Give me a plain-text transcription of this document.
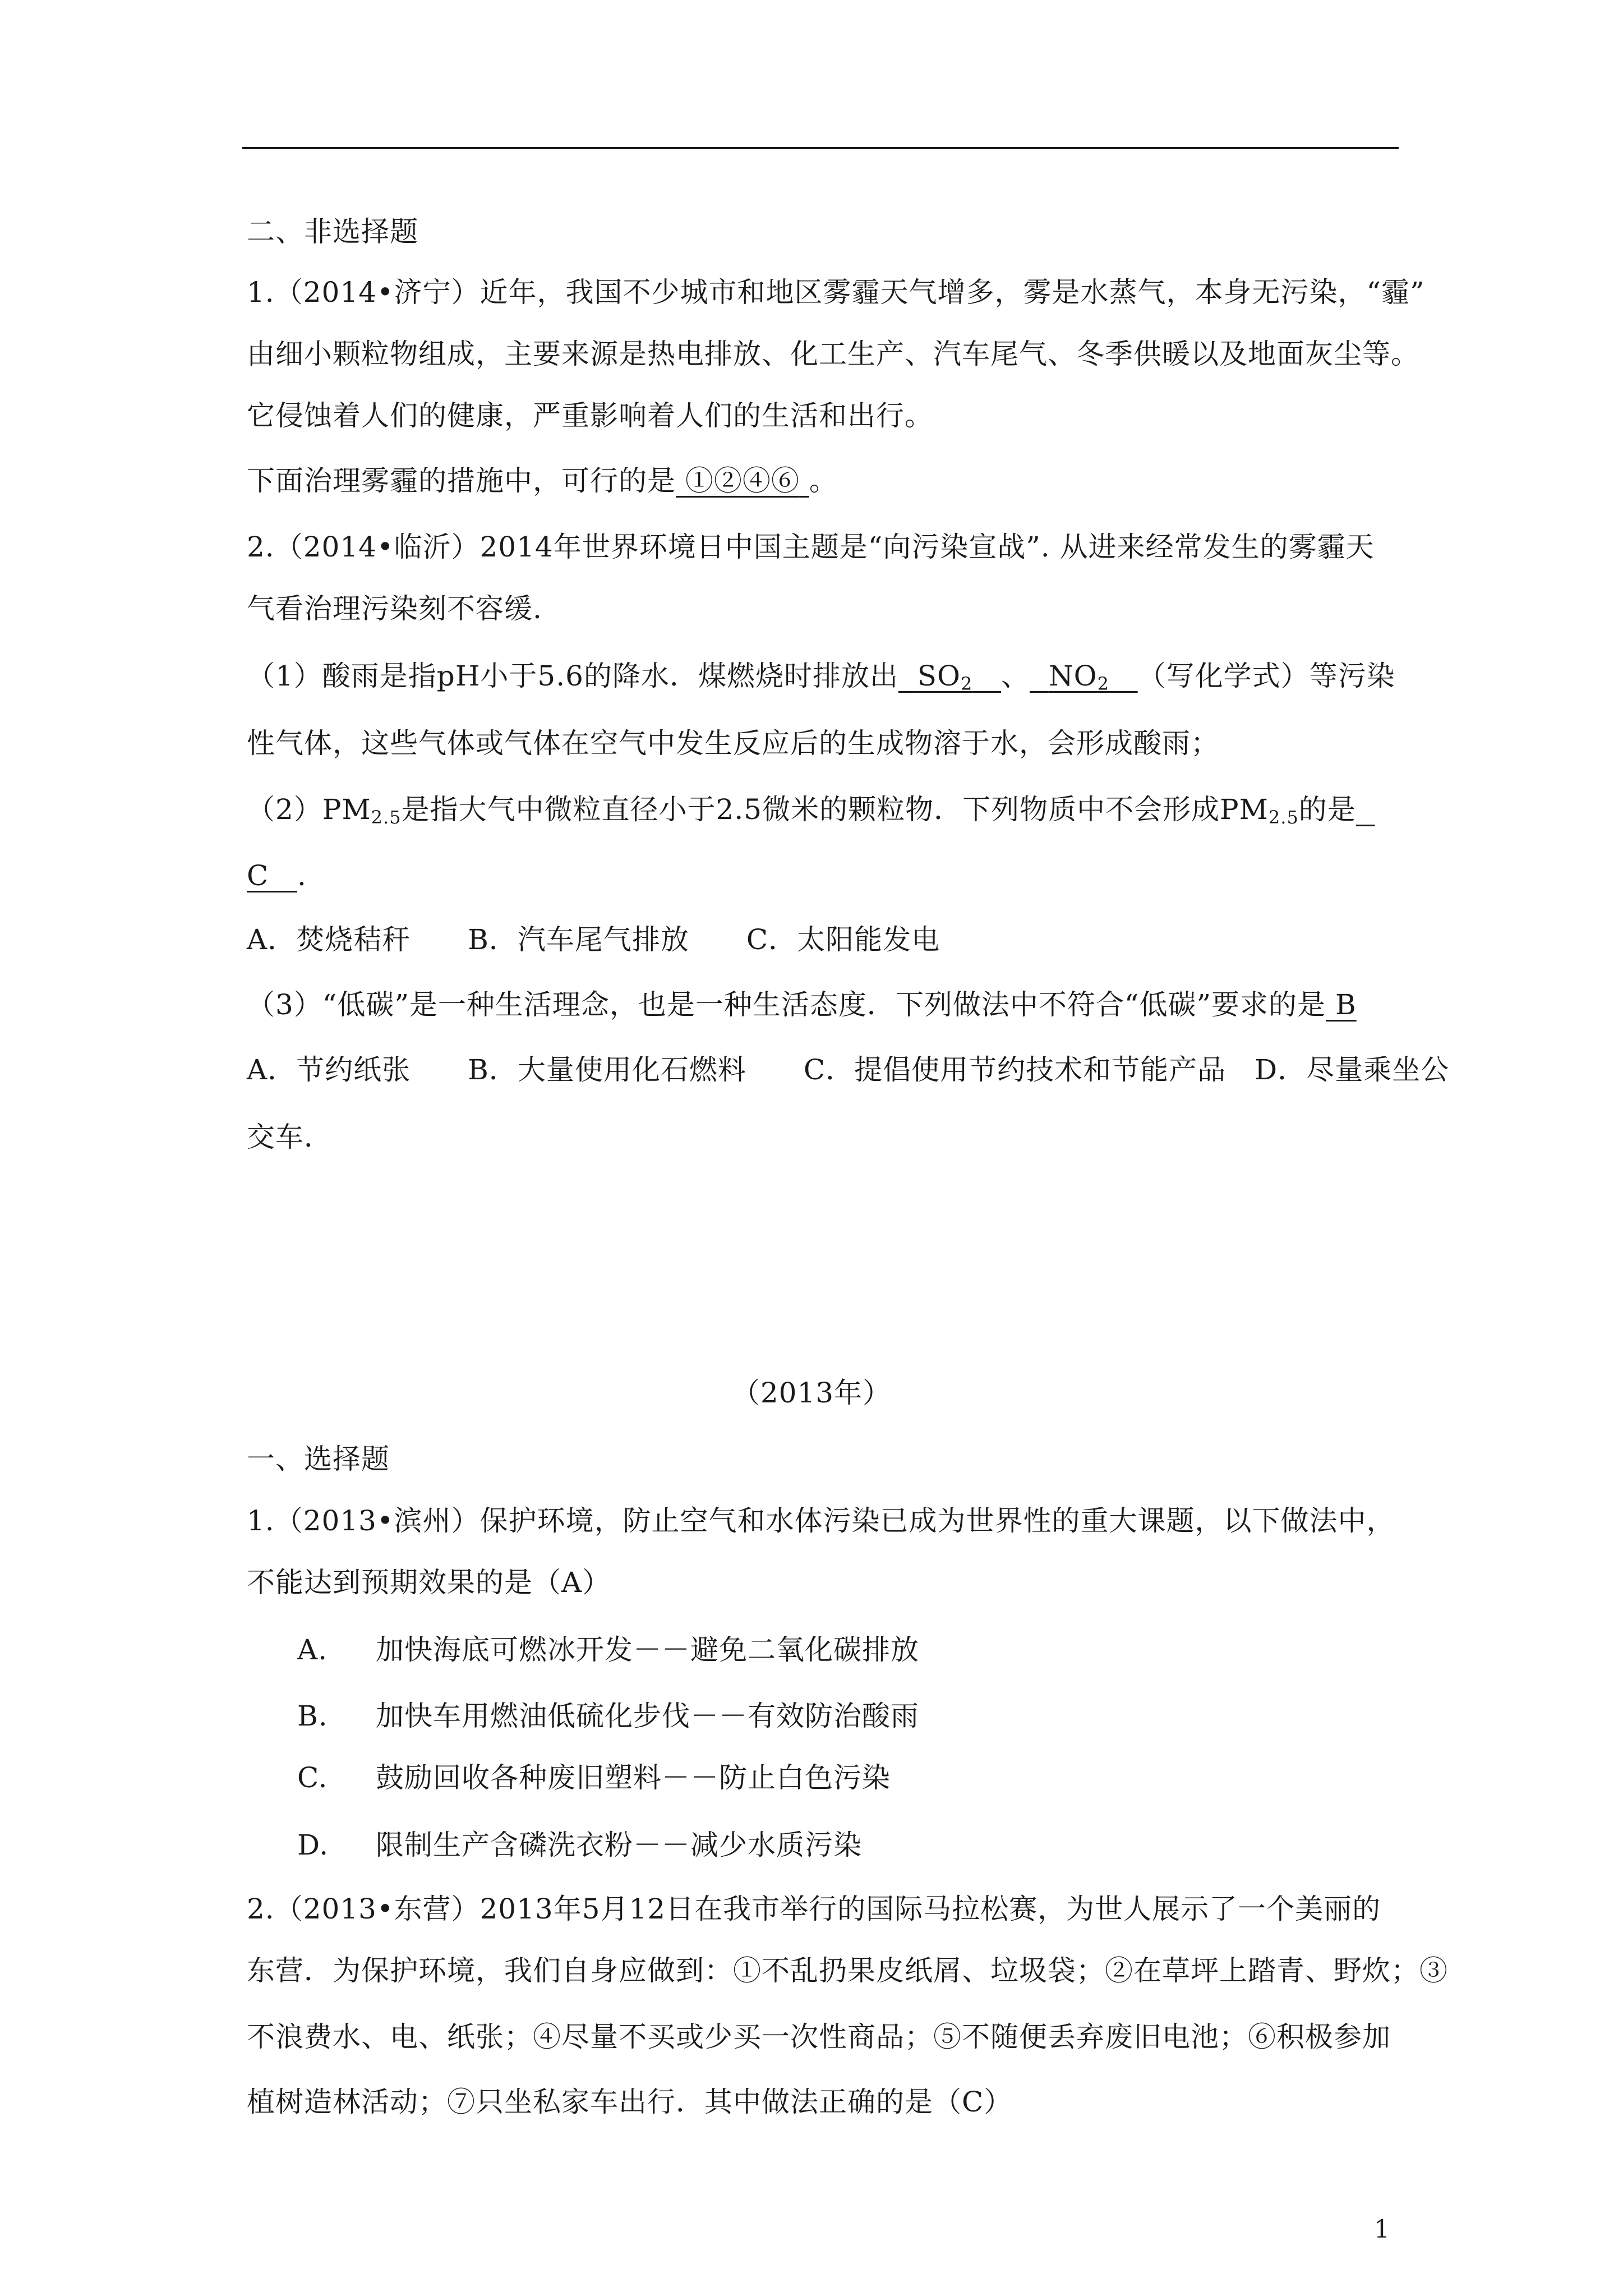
二、非选择题
1.（2014•济宁）近年，我国不少城市和地区雾霾天气增多，雾是水蒸气，本身无污染，“霾”
由细小颗粒物组成，主要来源是热电排放、化工生产、汽车尾气、冬季供暖以及地面灰尘等。
它侵蚀着人们的健康，严重影响着人们的生活和出行。
下面治理雾霾的措施中，可行的是 ①②④⑥ 。
2.（2014•临沂）2014年世界环境日中国主题是“向污染宣战”. 从进来经常发生的雾霾天
气看治理污染刻不容缓.
（1）酸雨是指pH小于5.6的降水．煤燃烧时排放出 $SO_2$ 、 $NO_2$ （写化学式）等污染
性气体，这些气体或气体在空气中发生反应后的生成物溶于水，会形成酸雨；
$(2)PM_{2.5}$是指大气中微粒直径小于2.5微米的颗粒物．下列物质中不会形成$PM_{2.5}$的是
C .
A．焚烧秸秆　　B．汽车尾气排放　　C．太阳能发电
（3）“低碳”是一种生活理念，也是一种生活态度．下列做法中不符合“低碳”要求的是 B
A．节约纸张　　B．大量使用化石燃料　　C．提倡使用节约技术和节能产品　D．尽量乘坐公
交车．
（2013年）
一、选择题
1.（2013•滨州）保护环境，防止空气和水体污染已成为世界性的重大课题，以下做法中，
不能达到预期效果的是（A）
A. 加快海底可燃冰开发－－避免二氧化碳排放
B. 加快车用燃油低硫化步伐－－有效防治酸雨
C. 鼓励回收各种废旧塑料－－防止白色污染
D. 限制生产含磷洗衣粉－－减少水质污染
2.（2013•东营）2013年5月12日在我市举行的国际马拉松赛，为世人展示了一个美丽的
东营．为保护环境，我们自身应做到：①不乱扔果皮纸屑、垃圾袋；②在草坪上踏青、野炊；③
不浪费水、电、纸张；④尽量不买或少买一次性商品；⑤不随便丢弃废旧电池；⑥积极参加
植树造林活动；⑦只坐私家车出行．其中做法正确的是（C）
1
